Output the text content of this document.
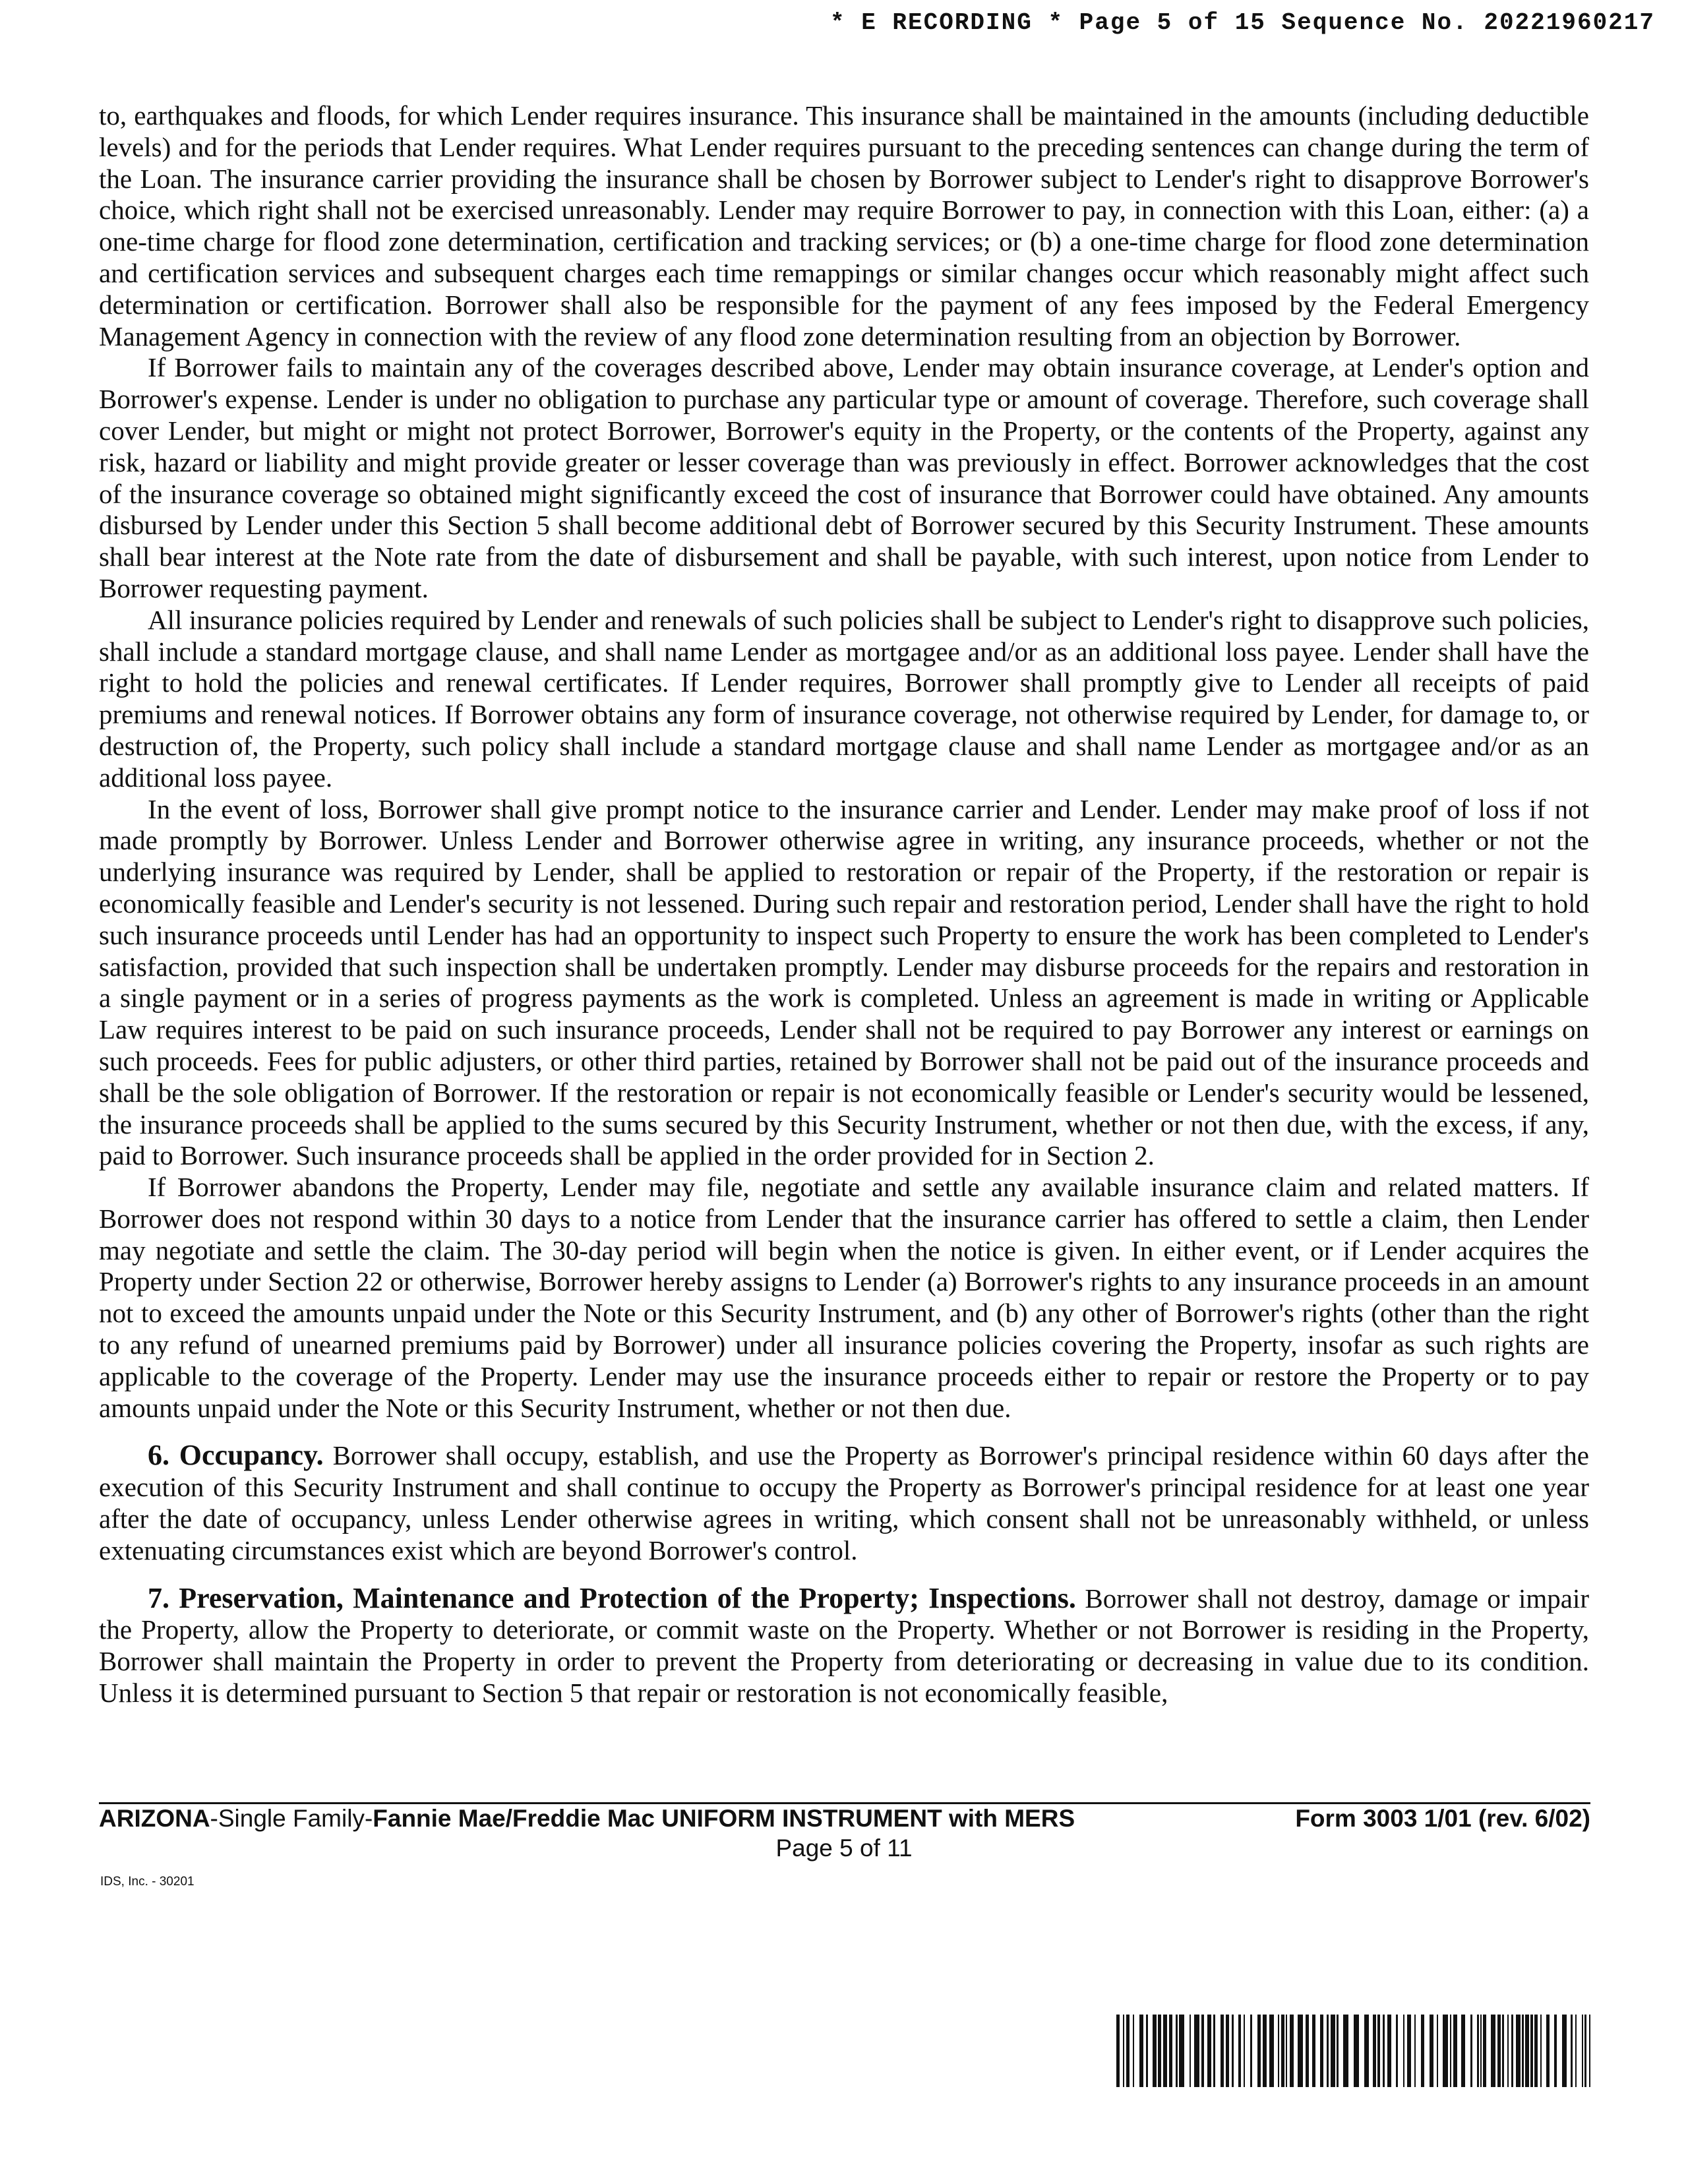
* E RECORDING * Page 5 of 15 Sequence No. 20221960217

to, earthquakes and floods, for which Lender requires insurance. This insurance shall be maintained in the amounts (including deductible levels) and for the periods that Lender requires. What Lender requires pursuant to the preceding sentences can change during the term of the Loan. The insurance carrier providing the insurance shall be chosen by Borrower subject to Lender's right to disapprove Borrower's choice, which right shall not be exercised unreasonably. Lender may require Borrower to pay, in connection with this Loan, either: (a) a one-time charge for flood zone determination, certification and tracking services; or (b) a one-time charge for flood zone determination and certification services and subsequent charges each time remappings or similar changes occur which reasonably might affect such determination or certification. Borrower shall also be responsible for the payment of any fees imposed by the Federal Emergency Management Agency in connection with the review of any flood zone determination resulting from an objection by Borrower.

If Borrower fails to maintain any of the coverages described above, Lender may obtain insurance coverage, at Lender's option and Borrower's expense. Lender is under no obligation to purchase any particular type or amount of coverage. Therefore, such coverage shall cover Lender, but might or might not protect Borrower, Borrower's equity in the Property, or the contents of the Property, against any risk, hazard or liability and might provide greater or lesser coverage than was previously in effect. Borrower acknowledges that the cost of the insurance coverage so obtained might significantly exceed the cost of insurance that Borrower could have obtained. Any amounts disbursed by Lender under this Section 5 shall become additional debt of Borrower secured by this Security Instrument. These amounts shall bear interest at the Note rate from the date of disbursement and shall be payable, with such interest, upon notice from Lender to Borrower requesting payment.

All insurance policies required by Lender and renewals of such policies shall be subject to Lender's right to disapprove such policies, shall include a standard mortgage clause, and shall name Lender as mortgagee and/or as an additional loss payee. Lender shall have the right to hold the policies and renewal certificates. If Lender requires, Borrower shall promptly give to Lender all receipts of paid premiums and renewal notices. If Borrower obtains any form of insurance coverage, not otherwise required by Lender, for damage to, or destruction of, the Property, such policy shall include a standard mortgage clause and shall name Lender as mortgagee and/or as an additional loss payee.

In the event of loss, Borrower shall give prompt notice to the insurance carrier and Lender. Lender may make proof of loss if not made promptly by Borrower. Unless Lender and Borrower otherwise agree in writing, any insurance proceeds, whether or not the underlying insurance was required by Lender, shall be applied to restoration or repair of the Property, if the restoration or repair is economically feasible and Lender's security is not lessened. During such repair and restoration period, Lender shall have the right to hold such insurance proceeds until Lender has had an opportunity to inspect such Property to ensure the work has been completed to Lender's satisfaction, provided that such inspection shall be undertaken promptly. Lender may disburse proceeds for the repairs and restoration in a single payment or in a series of progress payments as the work is completed. Unless an agreement is made in writing or Applicable Law requires interest to be paid on such insurance proceeds, Lender shall not be required to pay Borrower any interest or earnings on such proceeds. Fees for public adjusters, or other third parties, retained by Borrower shall not be paid out of the insurance proceeds and shall be the sole obligation of Borrower. If the restoration or repair is not economically feasible or Lender's security would be lessened, the insurance proceeds shall be applied to the sums secured by this Security Instrument, whether or not then due, with the excess, if any, paid to Borrower. Such insurance proceeds shall be applied in the order provided for in Section 2.

If Borrower abandons the Property, Lender may file, negotiate and settle any available insurance claim and related matters. If Borrower does not respond within 30 days to a notice from Lender that the insurance carrier has offered to settle a claim, then Lender may negotiate and settle the claim. The 30-day period will begin when the notice is given. In either event, or if Lender acquires the Property under Section 22 or otherwise, Borrower hereby assigns to Lender (a) Borrower's rights to any insurance proceeds in an amount not to exceed the amounts unpaid under the Note or this Security Instrument, and (b) any other of Borrower's rights (other than the right to any refund of unearned premiums paid by Borrower) under all insurance policies covering the Property, insofar as such rights are applicable to the coverage of the Property. Lender may use the insurance proceeds either to repair or restore the Property or to pay amounts unpaid under the Note or this Security Instrument, whether or not then due.

6. Occupancy. Borrower shall occupy, establish, and use the Property as Borrower's principal residence within 60 days after the execution of this Security Instrument and shall continue to occupy the Property as Borrower's principal residence for at least one year after the date of occupancy, unless Lender otherwise agrees in writing, which consent shall not be unreasonably withheld, or unless extenuating circumstances exist which are beyond Borrower's control.

7. Preservation, Maintenance and Protection of the Property; Inspections. Borrower shall not destroy, damage or impair the Property, allow the Property to deteriorate, or commit waste on the Property. Whether or not Borrower is residing in the Property, Borrower shall maintain the Property in order to prevent the Property from deteriorating or decreasing in value due to its condition. Unless it is determined pursuant to Section 5 that repair or restoration is not economically feasible,

ARIZONA-Single Family-Fannie Mae/Freddie Mac UNIFORM INSTRUMENT with MERS	Form 3003 1/01 (rev. 6/02)
Page 5 of 11
IDS, Inc. - 30201
